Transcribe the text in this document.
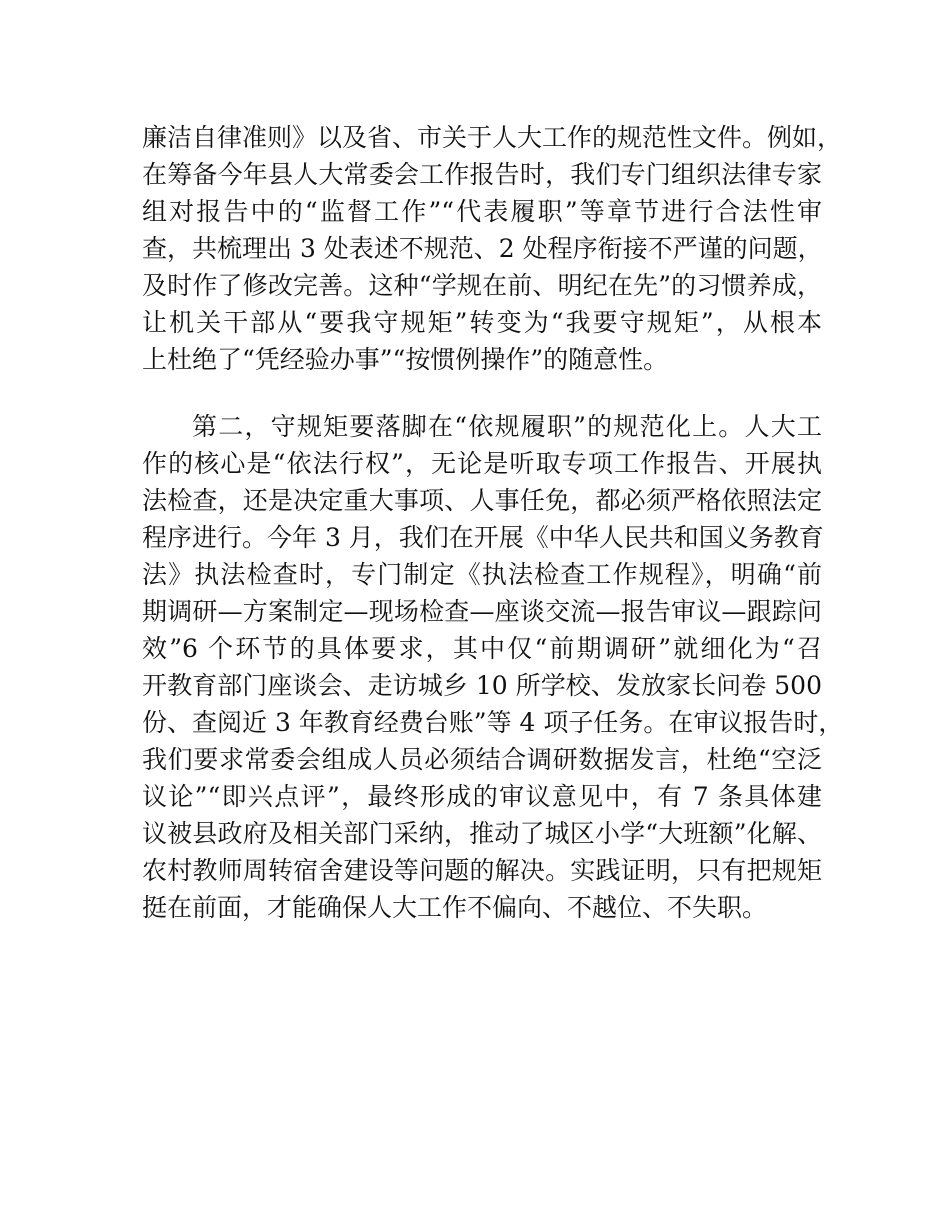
廉洁自律准则》以及省、市关于人大工作的规范性文件。例如，
在筹备今年县人大常委会工作报告时，我们专门组织法律专家
组对报告中的“监督工作”“代表履职”等章节进行合法性审
查，共梳理出 3 处表述不规范、2 处程序衔接不严谨的问题，
及时作了修改完善。这种“学规在前、明纪在先”的习惯养成，
让机关干部从“要我守规矩”转变为“我要守规矩”，从根本
上杜绝了“凭经验办事”“按惯例操作”的随意性。
第二，守规矩要落脚在“依规履职”的规范化上。人大工
作的核心是“依法行权”，无论是听取专项工作报告、开展执
法检查，还是决定重大事项、人事任免，都必须严格依照法定
程序进行。今年 3 月，我们在开展《中华人民共和国义务教育
法》执法检查时，专门制定《执法检查工作规程》，明确“前
期调研—方案制定—现场检查—座谈交流—报告审议—跟踪问
效”6 个环节的具体要求，其中仅“前期调研”就细化为“召
开教育部门座谈会、走访城乡 10 所学校、发放家长问卷 500
份、查阅近 3 年教育经费台账”等 4 项子任务。在审议报告时，
我们要求常委会组成人员必须结合调研数据发言，杜绝“空泛
议论”“即兴点评”，最终形成的审议意见中，有 7 条具体建
议被县政府及相关部门采纳，推动了城区小学“大班额”化解、
农村教师周转宿舍建设等问题的解决。实践证明，只有把规矩
挺在前面，才能确保人大工作不偏向、不越位、不失职。
